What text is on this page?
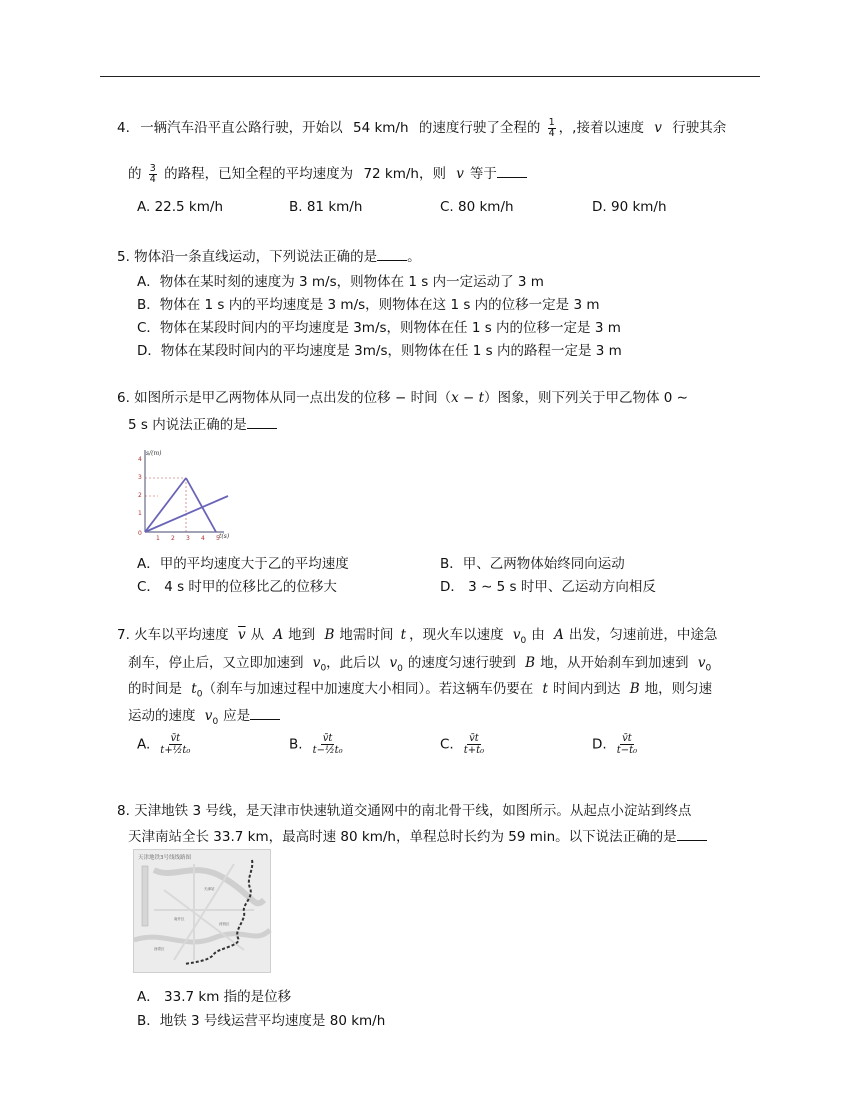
4. 一辆汽车沿平直公路行驶，开始以 54 km/h 的速度行驶了全程的 $\frac{1}{4}$ ，,接着以速度 v 行驶其余
的 $\frac{3}{4}$ 的路程，已知全程的平均速度为 72 km/h，则 v 等于
A. 22.5 km/h	B. 81 km/h	C. 80 km/h	D. 90 km/h
5. 物体沿一条直线运动，下列说法正确的是 。
A．物体在某时刻的速度为 3 m/s，则物体在 1 s 内一定运动了 3 m
B．物体在 1 s 内的平均速度是 3 m/s，则物体在这 1 s 内的位移一定是 3 m
C．物体在某段时间内的平均速度是 3m/s，则物体在任 1 s 内的位移一定是 3 m
D．物体在某段时间内的平均速度是 3m/s，则物体在任 1 s 内的路程一定是 3 m
6. 如图所示是甲乙两物体从同一点出发的位移 − 时间（x − t）图象，则下列关于甲乙物体 0 ∼
5 s 内说法正确的是
s/(m)
t(s)
4
3
2
1
0
1 2 3 4 5
A．甲的平均速度大于乙的平均速度	B．甲、乙两物体始终同向运动
C． 4 s 时甲的位移比乙的位移大	D． 3 ∼ 5 s 时甲、乙运动方向相反
7. 火车以平均速度 $\overline{v}$ 从 A 地到 B 地需时间 t ，现火车以速度 $v_0$ 由 A 出发，匀速前进，中途急
刹车，停止后，又立即加速到 $v_0$，此后以 $v_0$ 的速度匀速行驶到 B 地，从开始刹车到加速到 $v_0$
的时间是 $t_0$（刹车与加速过程中加速度大小相同）。若这辆车仍要在 t 时间内到达 B 地，则匀速
运动的速度 $v_0$ 应是
A. $\frac{v̄t}{\text{t+½t₀}}$	B. $\frac{v̄t}{\text{t−½t₀}}$	C. $\frac{v̄t}{\text{t+t₀}}$	D. $\frac{v̄t}{\text{t−t₀}}$
8. 天津地铁 3 号线，是天津市快速轨道交通网中的南北骨干线，如图所示。从起点小淀站到终点
天津南站全长 33.7 km，最高时速 80 km/h，单程总时长约为 59 min。以下说法正确的是
天津地铁3号线线路图
天津站
南开区
河西区
西青区
A． 33.7 km 指的是位移
B．地铁 3 号线运营平均速度是 80 km/h
